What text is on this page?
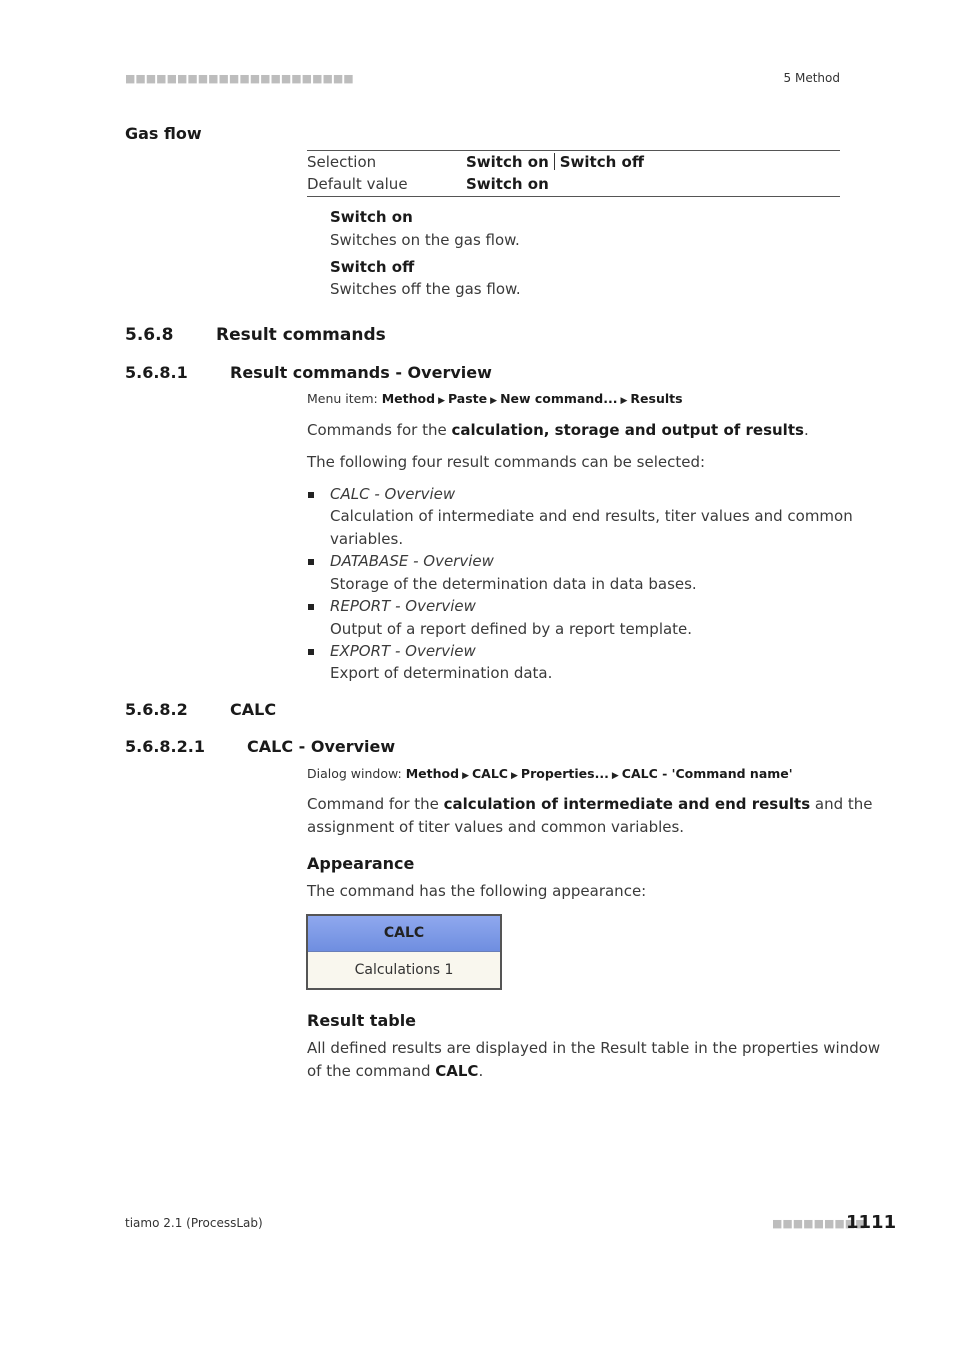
■■■■■■■■■■■■■■■■■■■■■■	5 Method
Gas flow
Selection	Switch on Switch off
Default value	Switch on
Switch on
Switches on the gas flow.
Switch off
Switches off the gas flow.
5.6.8	Result commands
5.6.8.1	Result commands - Overview
Menu item: Method ▶ Paste ▶ New command... ▶ Results
Commands for the calculation, storage and output of results.
The following four result commands can be selected:
CALC - Overview
Calculation of intermediate and end results, titer values and common
variables.
DATABASE - Overview
Storage of the determination data in data bases.
REPORT - Overview
Output of a report defined by a report template.
EXPORT - Overview
Export of determination data.
5.6.8.2	CALC
5.6.8.2.1	CALC - Overview
Dialog window: Method ▶ CALC ▶ Properties... ▶ CALC - 'Command name'
Command for the calculation of intermediate and end results and the
assignment of titer values and common variables.
Appearance
The command has the following appearance:
CALC
Calculations 1
Result table
All defined results are displayed in the Result table in the properties window
of the command CALC.
tiamo 2.1 (ProcessLab)	■■■■■■■■■
1111
